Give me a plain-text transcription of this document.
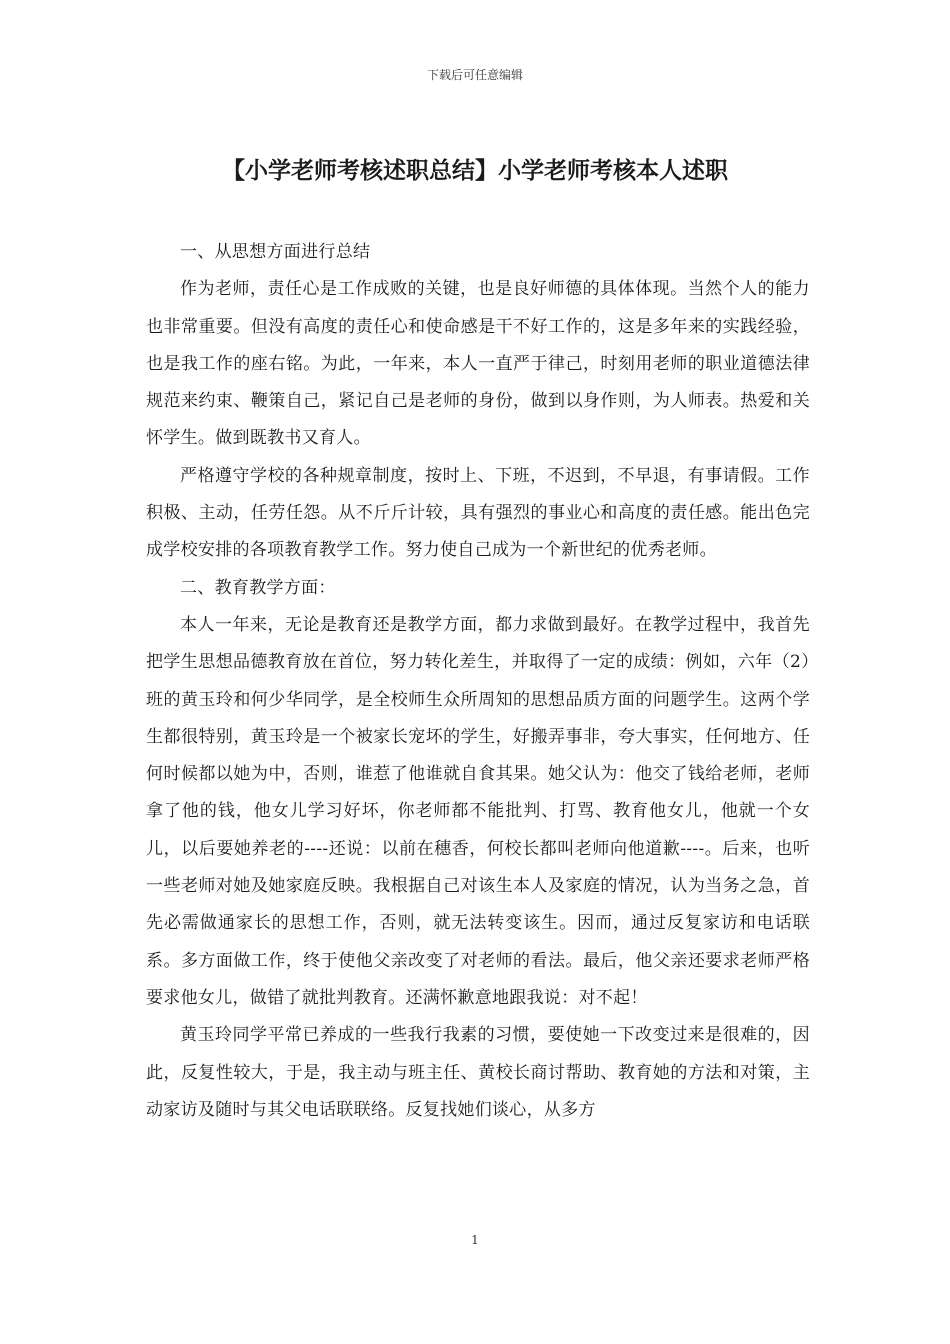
下载后可任意编辑
【小学老师考核述职总结】小学老师考核本人述职

一、从思想方面进行总结

作为老师，责任心是工作成败的关键，也是良好师德的具体体现。当然个人的能力也非常重要。但没有高度的责任心和使命感是干不好工作的，这是多年来的实践经验，也是我工作的座右铭。为此，一年来，本人一直严于律己，时刻用老师的职业道德法律规范来约束、鞭策自己，紧记自己是老师的身份，做到以身作则，为人师表。热爱和关怀学生。做到既教书又育人。

严格遵守学校的各种规章制度，按时上、下班，不迟到，不早退，有事请假。工作积极、主动，任劳任怨。从不斤斤计较，具有强烈的事业心和高度的责任感。能出色完成学校安排的各项教育教学工作。努力使自己成为一个新世纪的优秀老师。

二、教育教学方面：

本人一年来，无论是教育还是教学方面，都力求做到最好。在教学过程中，我首先把学生思想品德教育放在首位，努力转化差生，并取得了一定的成绩：例如，六年（2）班的黄玉玲和何少华同学，是全校师生众所周知的思想品质方面的问题学生。这两个学生都很特别，黄玉玲是一个被家长宠坏的学生，好搬弄事非，夸大事实，任何地方、任何时候都以她为中，否则，谁惹了他谁就自食其果。她父认为：他交了钱给老师，老师拿了他的钱，他女儿学习好坏，你老师都不能批判、打骂、教育他女儿，他就一个女儿，以后要她养老的----还说：以前在穗香，何校长都叫老师向他道歉----。后来，也听一些老师对她及她家庭反映。我根据自己对该生本人及家庭的情况，认为当务之急，首先必需做通家长的思想工作，否则，就无法转变该生。因而，通过反复家访和电话联系。多方面做工作，终于使他父亲改变了对老师的看法。最后，他父亲还要求老师严格要求他女儿，做错了就批判教育。还满怀歉意地跟我说：对不起！

黄玉玲同学平常已养成的一些我行我素的习惯，要使她一下改变过来是很难的，因此，反复性较大，于是，我主动与班主任、黄校长商讨帮助、教育她的方法和对策，主动家访及随时与其父电话联联络。反复找她们谈心，从多方

1
